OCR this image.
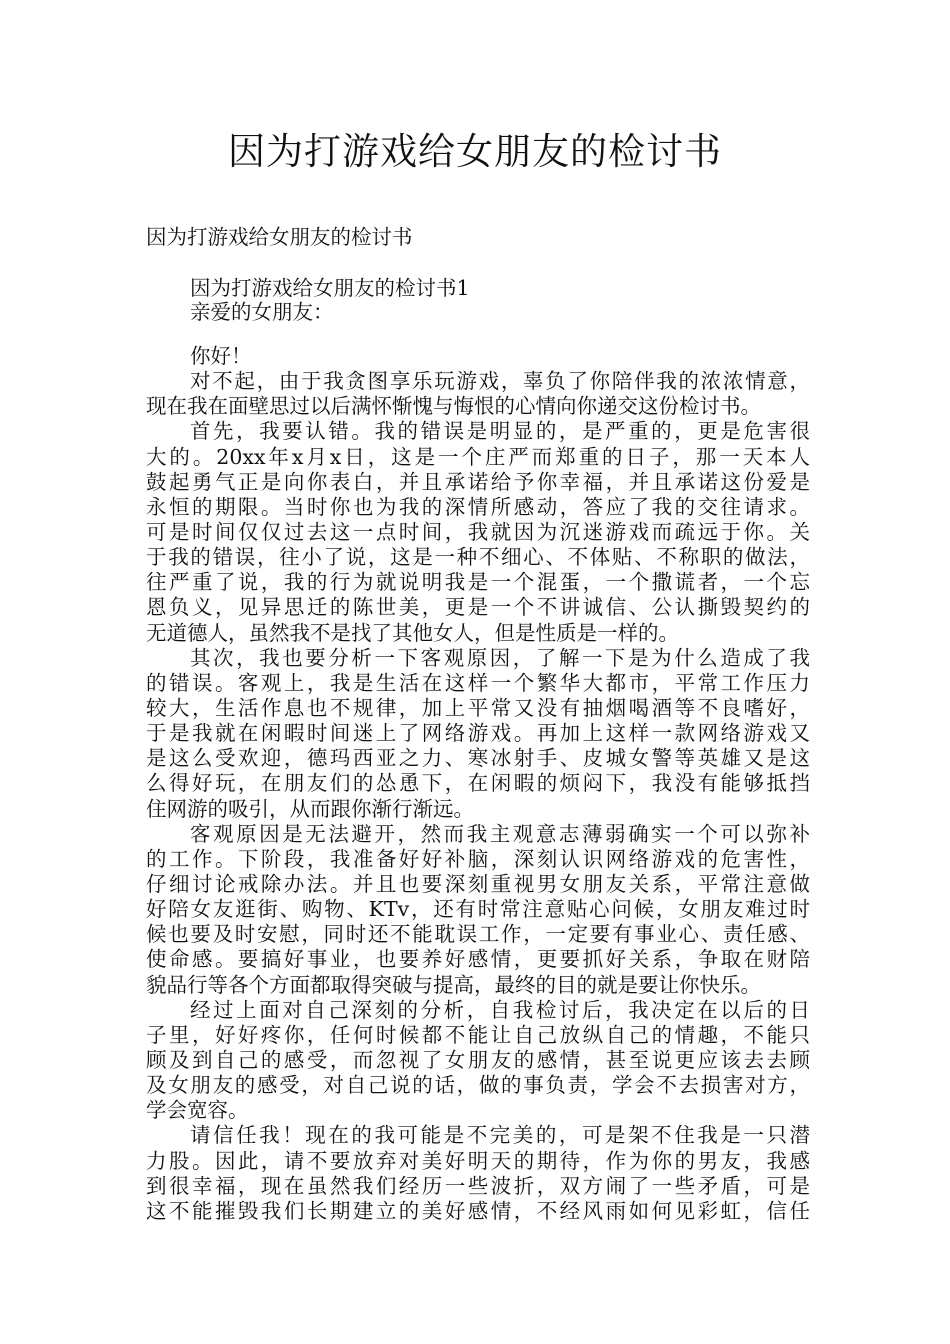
因为打游戏给女朋友的检讨书

因为打游戏给女朋友的检讨书

因为打游戏给女朋友的检讨书1
亲爱的女朋友：
你好！
对不起，由于我贪图享乐玩游戏，辜负了你陪伴我的浓浓情意，
现在我在面壁思过以后满怀惭愧与悔恨的心情向你递交这份检讨书。
首先，我要认错。我的错误是明显的，是严重的，更是危害很
大的。20xx年x月x日，这是一个庄严而郑重的日子，那一天本人
鼓起勇气正是向你表白，并且承诺给予你幸福，并且承诺这份爱是
永恒的期限。当时你也为我的深情所感动，答应了我的交往请求。
可是时间仅仅过去这一点时间，我就因为沉迷游戏而疏远于你。关
于我的错误，往小了说，这是一种不细心、不体贴、不称职的做法，
往严重了说，我的行为就说明我是一个混蛋，一个撒谎者，一个忘
恩负义，见异思迁的陈世美，更是一个不讲诚信、公认撕毁契约的
无道德人，虽然我不是找了其他女人，但是性质是一样的。
其次，我也要分析一下客观原因，了解一下是为什么造成了我
的错误。客观上，我是生活在这样一个繁华大都市，平常工作压力
较大，生活作息也不规律，加上平常又没有抽烟喝酒等不良嗜好，
于是我就在闲暇时间迷上了网络游戏。再加上这样一款网络游戏又
是这么受欢迎，德玛西亚之力、寒冰射手、皮城女警等英雄又是这
么得好玩，在朋友们的怂恿下，在闲暇的烦闷下，我没有能够抵挡
住网游的吸引，从而跟你渐行渐远。
客观原因是无法避开，然而我主观意志薄弱确实一个可以弥补
的工作。下阶段，我准备好好补脑，深刻认识网络游戏的危害性，
仔细讨论戒除办法。并且也要深刻重视男女朋友关系，平常注意做
好陪女友逛街、购物、KTv，还有时常注意贴心问候，女朋友难过时
候也要及时安慰，同时还不能耽误工作，一定要有事业心、责任感、
使命感。要搞好事业，也要养好感情，更要抓好关系，争取在财陪
貌品行等各个方面都取得突破与提高，最终的目的就是要让你快乐。
经过上面对自己深刻的分析，自我检讨后，我决定在以后的日
子里，好好疼你，任何时候都不能让自己放纵自己的情趣，不能只
顾及到自己的感受，而忽视了女朋友的感情，甚至说更应该去去顾
及女朋友的感受，对自己说的话，做的事负责，学会不去损害对方，
学会宽容。
请信任我！现在的我可能是不完美的，可是架不住我是一只潜
力股。因此，请不要放弃对美好明天的期待，作为你的男友，我感
到很幸福，现在虽然我们经历一些波折，双方闹了一些矛盾，可是
这不能摧毁我们长期建立的美好感情，不经风雨如何见彩虹，信任
